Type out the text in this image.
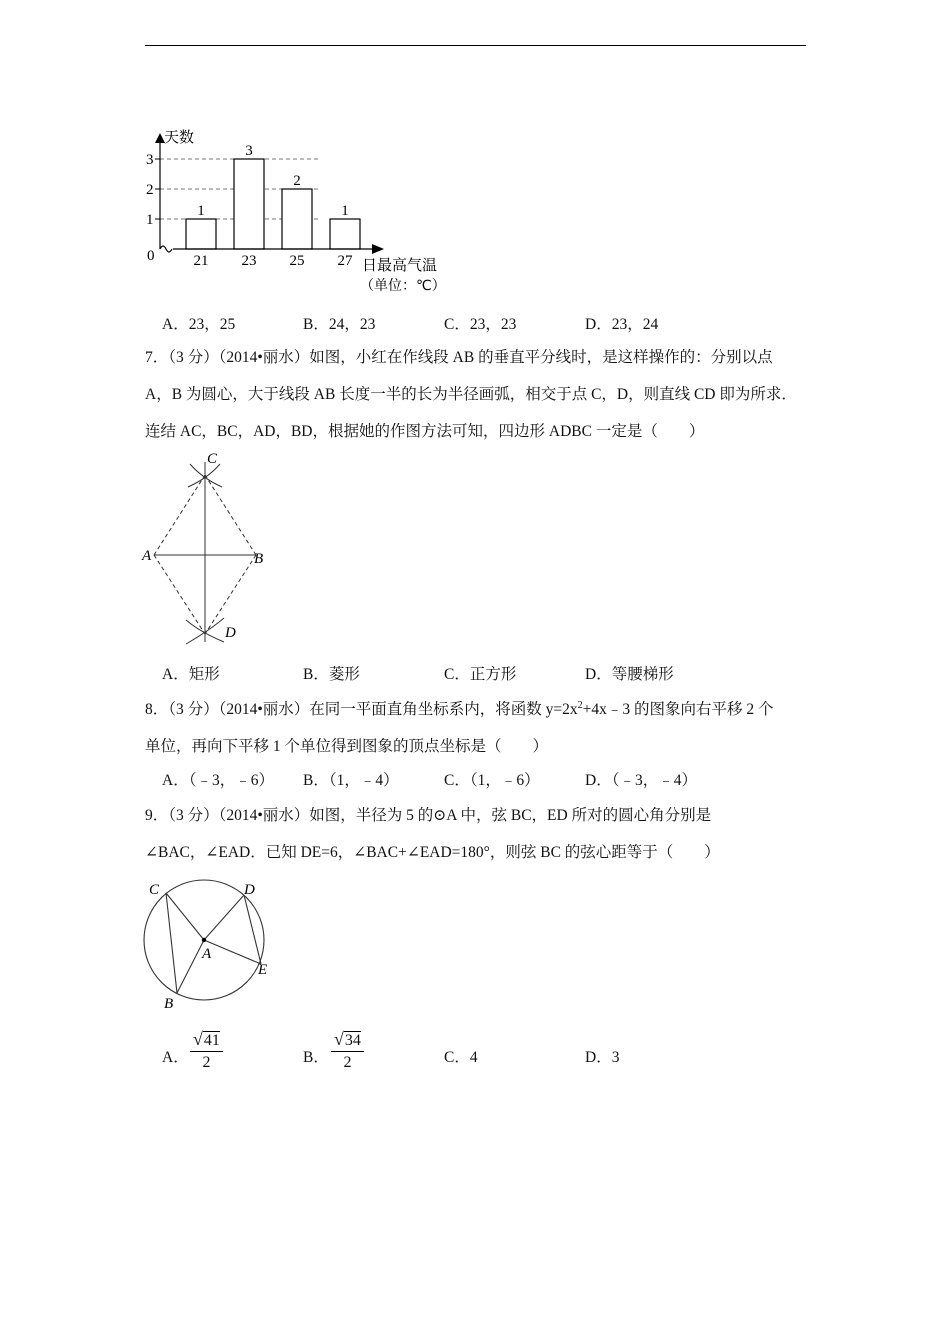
1
2
3
1
21
3
23
2
25
1
27
0
天数
日最高气温
（单位：℃）
A．23，25	B．24，23	C．23，23	D．23，24
7．（3 分）（2014•丽水）如图，小红在作线段 AB 的垂直平分线时，是这样操作的：分别以点
A，B 为圆心，大于线段 AB 长度一半的长为半径画弧，相交于点 C，D，则直线 CD 即为所求．
连结 AC，BC，AD，BD，根据她的作图方法可知，四边形 ADBC 一定是（　　）
C
A	B
D
A．矩形	B．菱形	C．正方形	D．等腰梯形
8．（3 分）（2014•丽水）在同一平面直角坐标系内，将函数 $y=2x^2+4x﹣3$ 的图象向右平移 2 个
单位，再向下平移 1 个单位得到图象的顶点坐标是（　　）
A．（﹣3，﹣6） B．（1，﹣4）	C．（1，﹣6）	D．（﹣3，﹣4）
9．（3 分）（2014•丽水）如图，半径为 5 的⊙A 中，弦 BC，ED 所对的圆心角分别是
∠BAC，∠EAD．已知 DE=6，∠BAC+∠EAD=180°，则弦 BC 的弦心距等于（　　）
C	D
A
E
B
A． $\frac{√41}{2}$	B． $\frac{√34}{2}$	C．4	D．3
